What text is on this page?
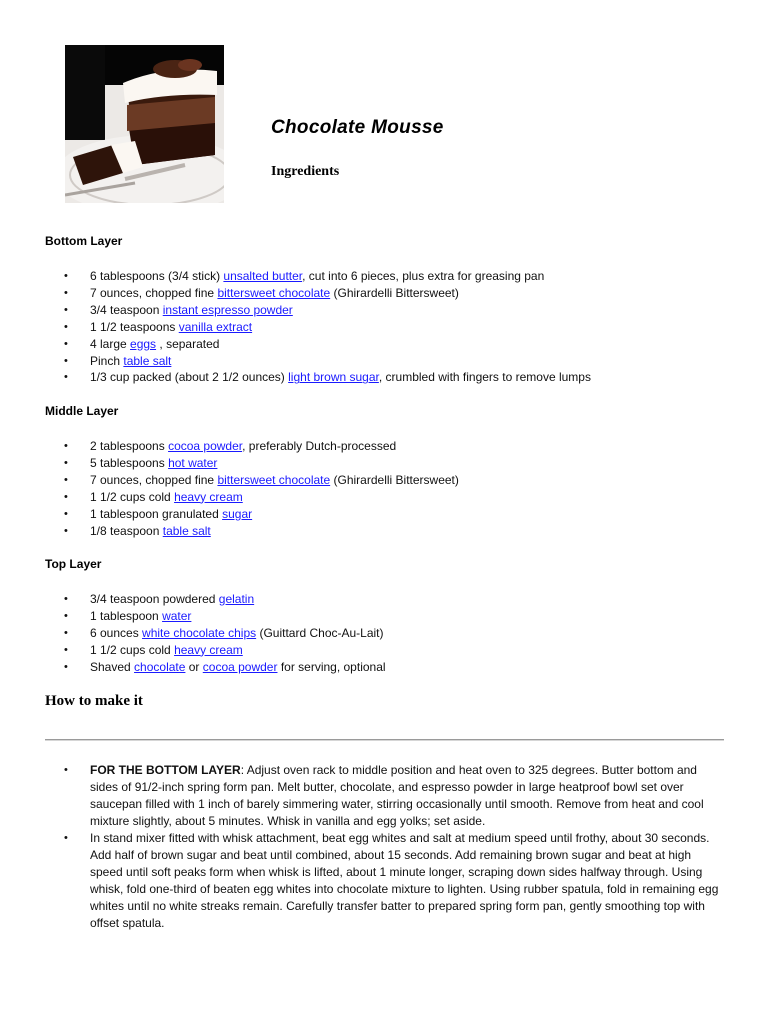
Chocolate Mousse
Ingredients
Bottom Layer
• 6 tablespoons (3/4 stick) unsalted butter, cut into 6 pieces, plus extra for greasing pan
• 7 ounces, chopped fine bittersweet chocolate (Ghirardelli Bittersweet)
• 3/4 teaspoon instant espresso powder
• 1 1/2 teaspoons vanilla extract
• 4 large eggs , separated
• Pinch table salt
• 1/3 cup packed (about 2 1/2 ounces) light brown sugar, crumbled with fingers to remove lumps
Middle Layer
• 2 tablespoons cocoa powder, preferably Dutch-processed
• 5 tablespoons hot water
• 7 ounces, chopped fine bittersweet chocolate (Ghirardelli Bittersweet)
• 1 1/2 cups cold heavy cream
• 1 tablespoon granulated sugar
• 1/8 teaspoon table salt
Top Layer
• 3/4 teaspoon powdered gelatin
• 1 tablespoon water
• 6 ounces white chocolate chips (Guittard Choc-Au-Lait)
• 1 1/2 cups cold heavy cream
• Shaved chocolate or cocoa powder for serving, optional
How to make it
• FOR THE BOTTOM LAYER: Adjust oven rack to middle position and heat oven to 325 degrees. Butter bottom and sides of 91/2-inch spring form pan. Melt butter, chocolate, and espresso powder in large heatproof bowl set over saucepan filled with 1 inch of barely simmering water, stirring occasionally until smooth. Remove from heat and cool mixture slightly, about 5 minutes. Whisk in vanilla and egg yolks; set aside.
• In stand mixer fitted with whisk attachment, beat egg whites and salt at medium speed until frothy, about 30 seconds. Add half of brown sugar and beat until combined, about 15 seconds. Add remaining brown sugar and beat at high speed until soft peaks form when whisk is lifted, about 1 minute longer, scraping down sides halfway through. Using whisk, fold one-third of beaten egg whites into chocolate mixture to lighten. Using rubber spatula, fold in remaining egg whites until no white streaks remain. Carefully transfer batter to prepared spring form pan, gently smoothing top with offset spatula.
